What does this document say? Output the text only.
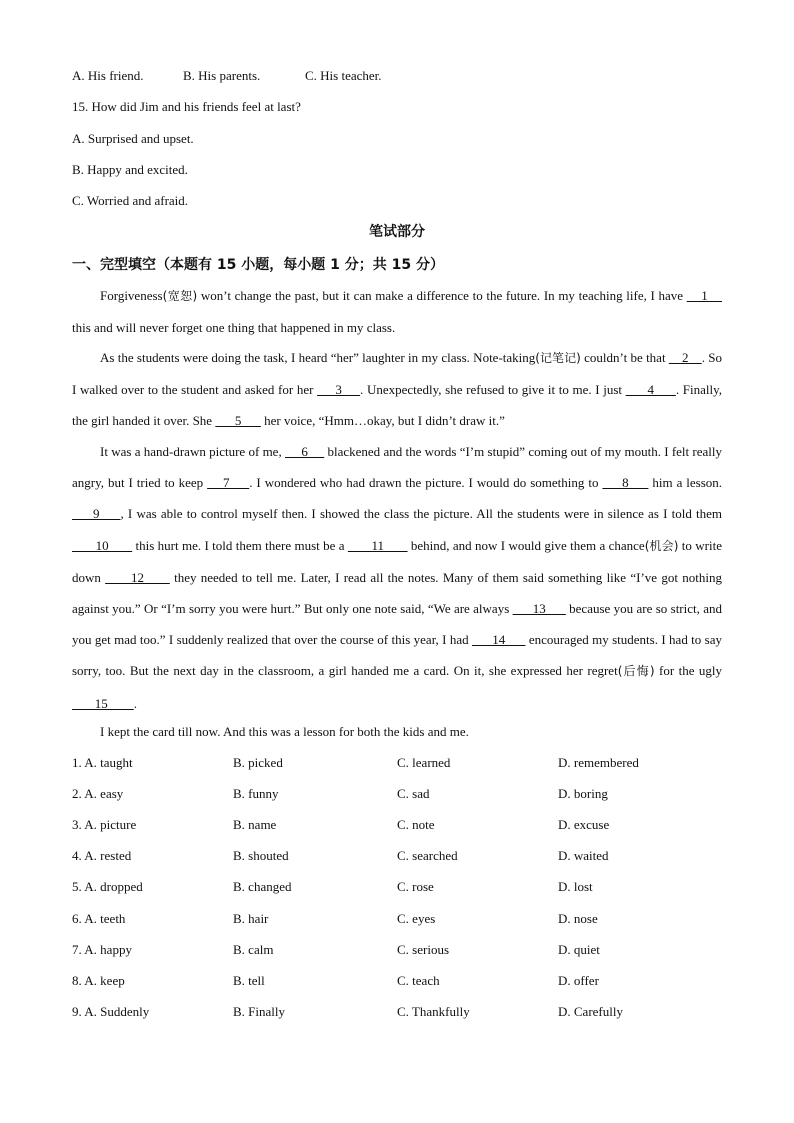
A. His friend.	B. His parents.	C. His teacher.
15. How did Jim and his friends feel at last?
A. Surprised and upset.
B. Happy and excited.
C. Worried and afraid.
笔试部分
一、完型填空（本题有 15 小题，每小题 1 分；共 15 分）
Forgiveness(宽恕) won’t change the past, but it can make a difference to the future. In my teaching life, I have     1     this and will never forget one thing that happened in my class.
As the students were doing the task, I heard “her” laughter in my class. Note-taking(记笔记) couldn’t be that     2    . So I walked over to the student and asked for her      3     . Unexpectedly, she refused to give it to me. I just       4      . Finally, the girl handed it over. She       5       her voice, “Hmm…okay, but I didn’t draw it.”
It was a hand-drawn picture of me,      6      blackened and the words “I’m stupid” coming out of my mouth. I felt really angry, but I tried to keep     7     . I wondered who had drawn the picture. I would do something to      8      him a lesson.      9     , I was able to control myself then. I showed the class the picture. All the students were in silence as I told them        10        this hurt me. I told them there must be a        11        behind, and now I would give them a chance(机会) to write down       12       they needed to tell me. Later, I read all the notes. Many of them said something like “I’ve got nothing against you.” Or “I’m sorry you were hurt.” But only one note said, “We are always       13       because you are so strict, and you get mad too.” I suddenly realized that over the course of this year, I had       14       encouraged my students. I had to say sorry, too. But the next day in the classroom, a girl handed me a card. On it, she expressed her regret(后悔) for the ugly        15        .
I kept the card till now. And this was a lesson for both the kids and me.
1. A. taught	B. picked	C. learned	D. remembered
2. A. easy	B. funny	C. sad	D. boring
3. A. picture	B. name	C. note	D. excuse
4. A. rested	B. shouted	C. searched	D. waited
5. A. dropped	B. changed	C. rose	D. lost
6. A. teeth	B. hair	C. eyes	D. nose
7. A. happy	B. calm	C. serious	D. quiet
8. A. keep	B. tell	C. teach	D. offer
9. A. Suddenly	B. Finally	C. Thankfully	D. Carefully
